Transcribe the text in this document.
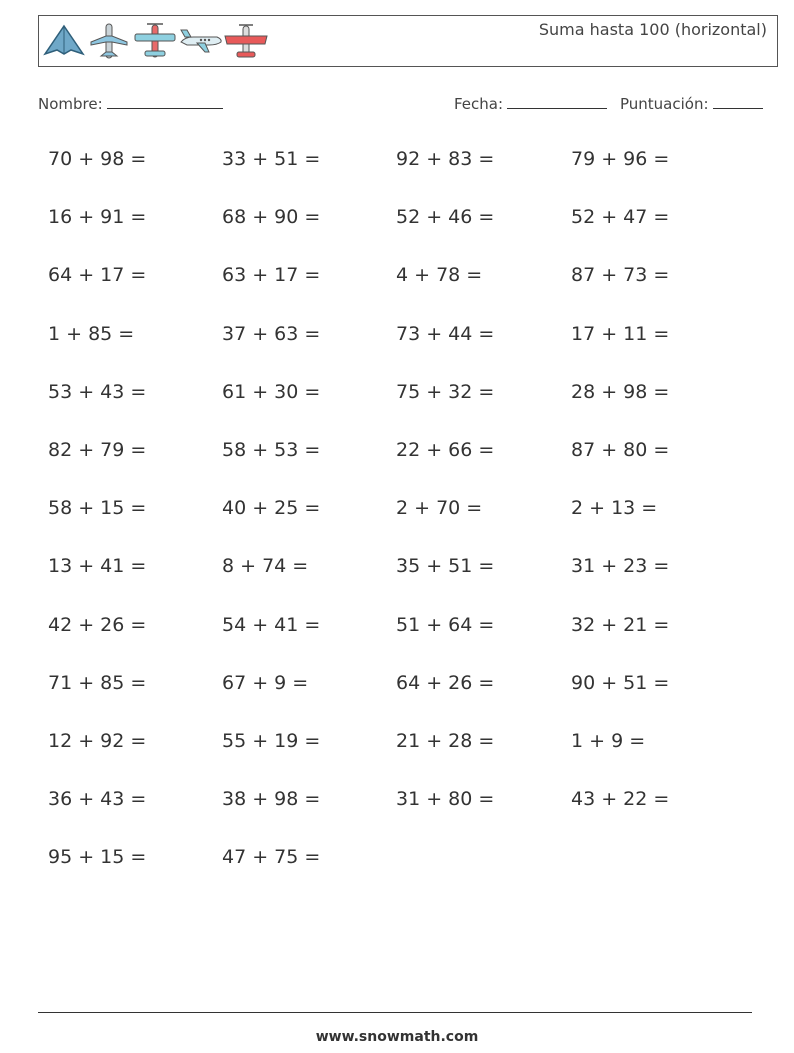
Suma hasta 100 (horizontal)
Nombre:	Fecha:	Puntuación:
70 + 98 =	33 + 51 =	92 + 83 =	79 + 96 =
16 + 91 =	68 + 90 =	52 + 46 =	52 + 47 =
64 + 17 =	63 + 17 =	4 + 78 =	87 + 73 =
1 + 85 =	37 + 63 =	73 + 44 =	17 + 11 =
53 + 43 =	61 + 30 =	75 + 32 =	28 + 98 =
82 + 79 =	58 + 53 =	22 + 66 =	87 + 80 =
58 + 15 =	40 + 25 =	2 + 70 =	2 + 13 =
13 + 41 =	8 + 74 =	35 + 51 =	31 + 23 =
42 + 26 =	54 + 41 =	51 + 64 =	32 + 21 =
71 + 85 =	67 + 9 =	64 + 26 =	90 + 51 =
12 + 92 =	55 + 19 =	21 + 28 =	1 + 9 =
36 + 43 =	38 + 98 =	31 + 80 =	43 + 22 =
95 + 15 =	47 + 75 =
www.snowmath.com
